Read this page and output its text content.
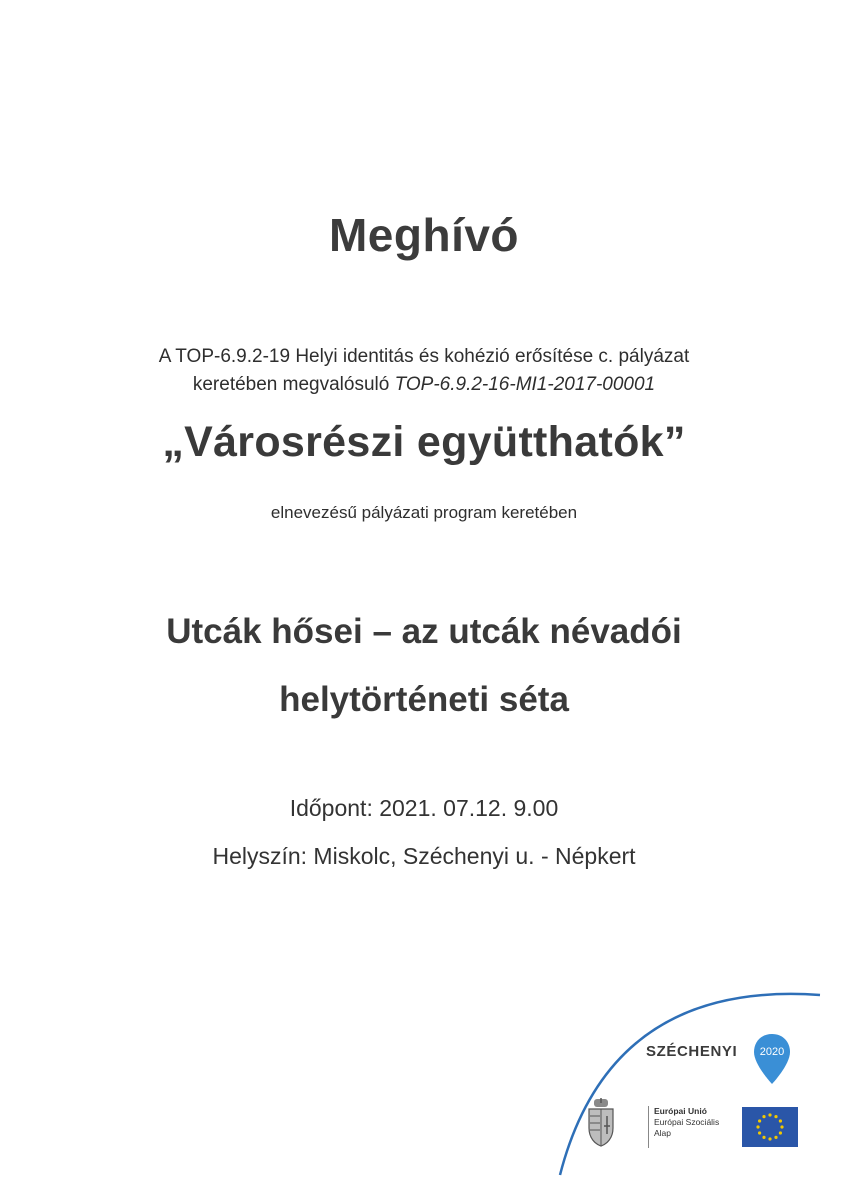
Meghívó
A TOP-6.9.2-19 Helyi identitás és kohézió erősítése c. pályázat
keretében megvalósuló TOP-6.9.2-16-MI1-2017-00001
„Városrészi együtthatók”
elnevezésű pályázati program keretében
Utcák hősei – az utcák névadói
helytörténeti séta
Időpont: 2021. 07.12. 9.00
Helyszín: Miskolc, Széchenyi u. - Népkert
SZÉCHENYI 2020
Európai Unió
Európai Szociális
Alap
